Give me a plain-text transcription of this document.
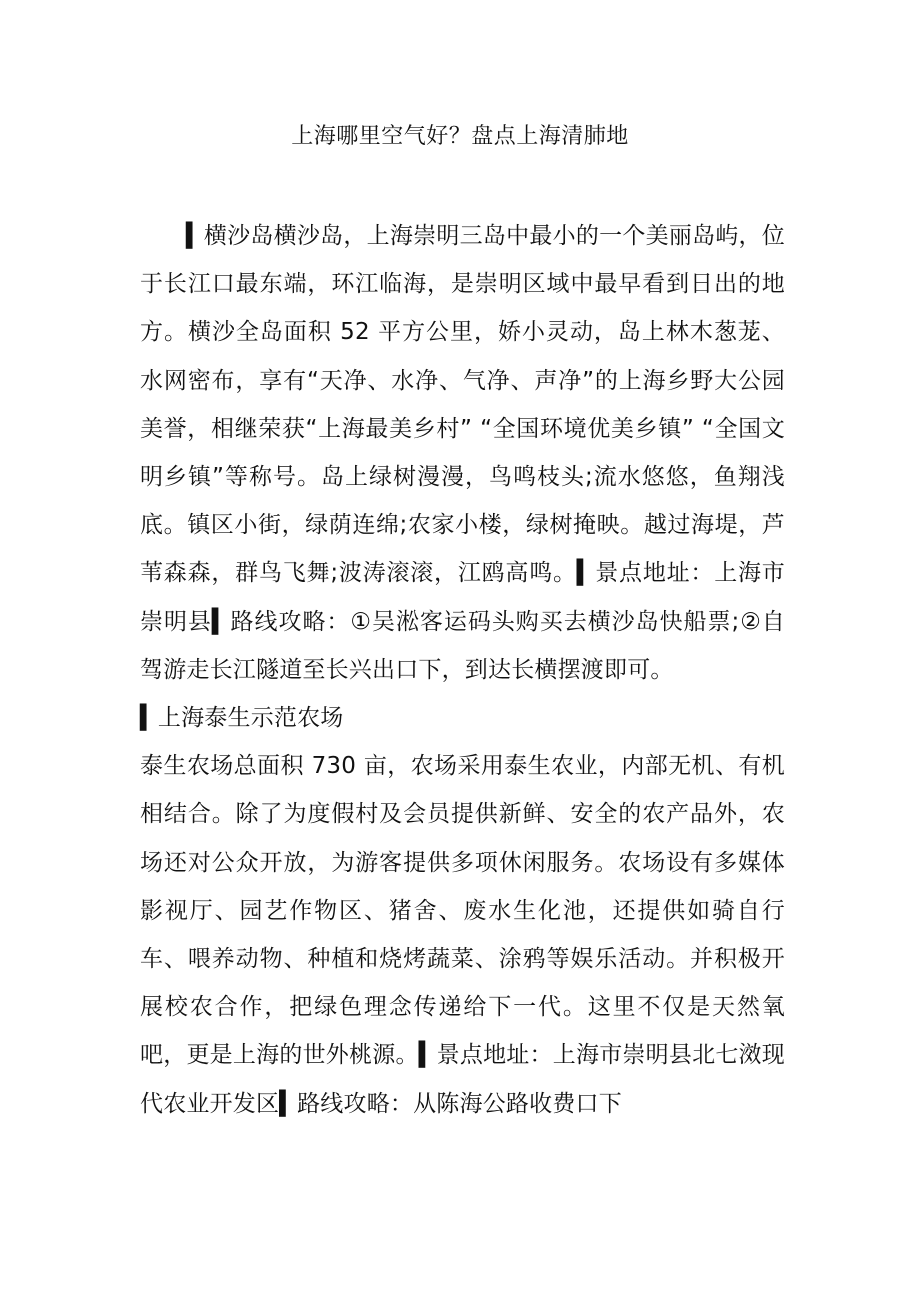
上海哪里空气好？盘点上海清肺地

▍横沙岛横沙岛，上海崇明三岛中最小的一个美丽岛屿，位于长江口最东端，环江临海，是崇明区域中最早看到日出的地方。横沙全岛面积 52 平方公里，娇小灵动，岛上林木葱茏、水网密布，享有“天净、水净、气净、声净”的上海乡野大公园美誉，相继荣获“上海最美乡村” “全国环境优美乡镇” “全国文明乡镇”等称号。岛上绿树漫漫，鸟鸣枝头;流水悠悠，鱼翔浅底。镇区小街，绿荫连绵;农家小楼，绿树掩映。越过海堤，芦苇森森，群鸟飞舞;波涛滚滚，江鸥高鸣。▍景点地址：上海市崇明县▍路线攻略：①吴淞客运码头购买去横沙岛快船票;②自驾游走长江隧道至长兴出口下，到达长横摆渡即可。

▍上海泰生示范农场

泰生农场总面积 730 亩，农场采用泰生农业，内部无机、有机相结合。除了为度假村及会员提供新鲜、安全的农产品外，农场还对公众开放，为游客提供多项休闲服务。农场设有多媒体影视厅、园艺作物区、猪舍、废水生化池，还提供如骑自行车、喂养动物、种植和烧烤蔬菜、涂鸦等娱乐活动。并积极开展校农合作，把绿色理念传递给下一代。这里不仅是天然氧吧，更是上海的世外桃源。▍景点地址：上海市崇明县北七滧现代农业开发区▍路线攻略：从陈海公路收费口下
